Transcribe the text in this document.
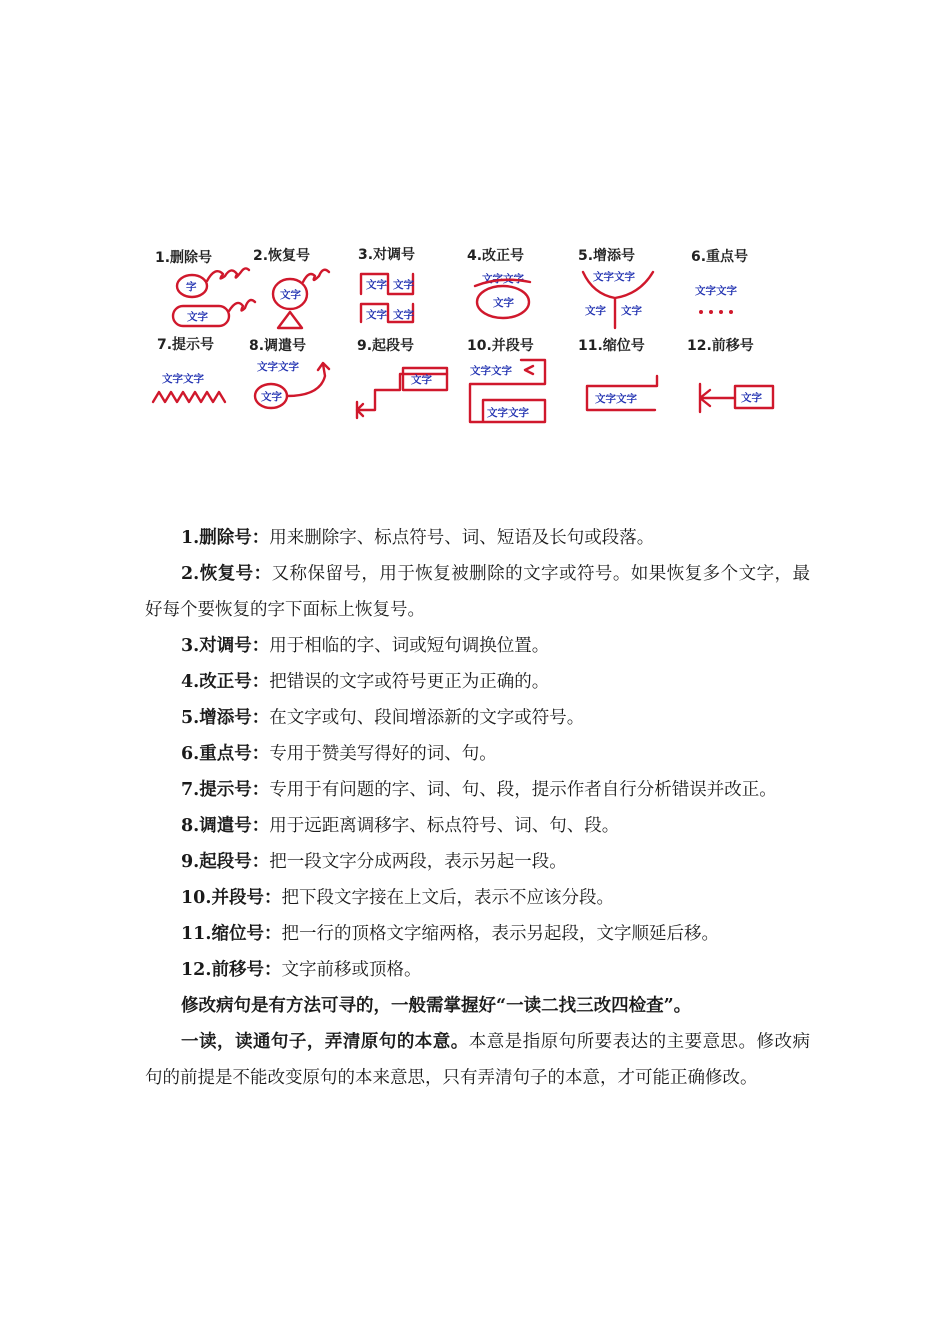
1.删除号	2.恢复号	3.对调号	4.改正号	5.增添号	6.重点号
字
文字
文字
文字 文字
文字 文字
文字文字
文字
文字文字
文字 文字
文字文字
7.提示号 8.调遣号	9.起段号	10.并段号	11.缩位号	12.前移号
文字文字
文字文字
文字
文字
文字文字
文字文字
文字文字	文字

1.删除号：用来删除字、标点符号、词、短语及长句或段落。

2.恢复号：又称保留号，用于恢复被删除的文字或符号。如果恢复多个文字，最好每个要恢复的字下面标上恢复号。

3.对调号：用于相临的字、词或短句调换位置。

4.改正号：把错误的文字或符号更正为正确的。

5.增添号：在文字或句、段间增添新的文字或符号。

6.重点号：专用于赞美写得好的词、句。

7.提示号：专用于有问题的字、词、句、段，提示作者自行分析错误并改正。

8.调遣号：用于远距离调移字、标点符号、词、句、段。

9.起段号：把一段文字分成两段，表示另起一段。

10.并段号：把下段文字接在上文后，表示不应该分段。

11.缩位号：把一行的顶格文字缩两格，表示另起段，文字顺延后移。

12.前移号：文字前移或顶格。

修改病句是有方法可寻的，一般需掌握好“一读二找三改四检查”。

一读，读通句子，弄清原句的本意。本意是指原句所要表达的主要意思。修改病句的前提是不能改变原句的本来意思，只有弄清句子的本意，才可能正确修改。
